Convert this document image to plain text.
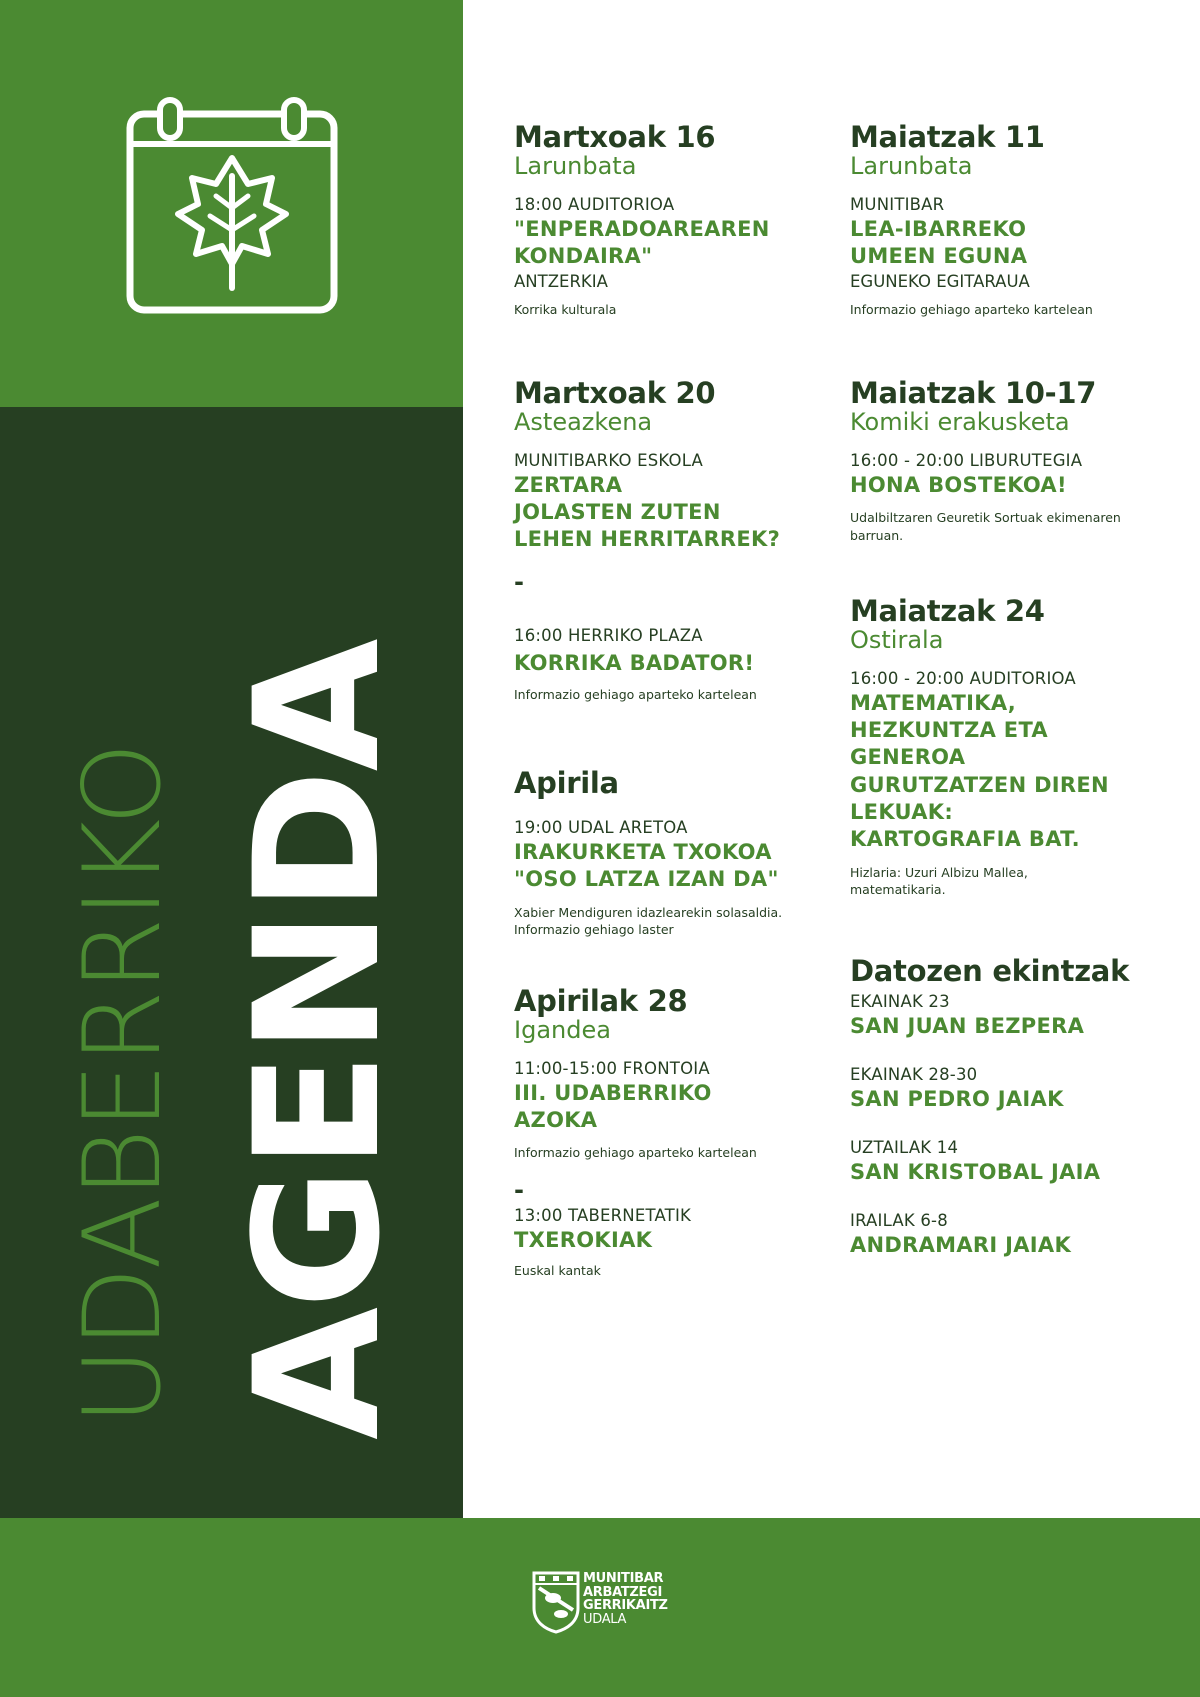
UDABERRIKO AGENDA
Martxoak 16
Larunbata
18:00 AUDITORIOA
"ENPERADOAREAREN
KONDAIRA"
ANTZERKIA
Korrika kulturala
Martxoak 20
Asteazkena
MUNITIBARKO ESKOLA
ZERTARA
JOLASTEN ZUTEN
LEHEN HERRITARREK?
-
16:00 HERRIKO PLAZA
KORRIKA BADATOR!
Informazio gehiago aparteko kartelean
Apirila
19:00 UDAL ARETOA
IRAKURKETA TXOKOA
"OSO LATZA IZAN DA"
Xabier Mendiguren idazlearekin solasaldia.
Informazio gehiago laster
Apirilak 28
Igandea
11:00-15:00 FRONTOIA
III. UDABERRIKO
AZOKA
Informazio gehiago aparteko kartelean
-
13:00 TABERNETATIK
TXEROKIAK
Euskal kantak
Maiatzak 11
Larunbata
MUNITIBAR
LEA-IBARREKO
UMEEN EGUNA
EGUNEKO EGITARAUA
Informazio gehiago aparteko kartelean
Maiatzak 10-17
Komiki erakusketa
16:00 - 20:00 LIBURUTEGIA
HONA BOSTEKOA!
Udalbiltzaren Geuretik Sortuak ekimenaren
barruan.
Maiatzak 24
Ostirala
16:00 - 20:00 AUDITORIOA
MATEMATIKA,
HEZKUNTZA ETA
GENEROA
GURUTZATZEN DIREN
LEKUAK:
KARTOGRAFIA BAT.
Hizlaria: Uzuri Albizu Mallea,
matematikaria.
Datozen ekintzak
EKAINAK 23
SAN JUAN BEZPERA
EKAINAK 28-30
SAN PEDRO JAIAK
UZTAILAK 14
SAN KRISTOBAL JAIA
IRAILAK 6-8
ANDRAMARI JAIAK
MUNITIBAR
ARBATZEGI
GERRIKAITZ
UDALA
